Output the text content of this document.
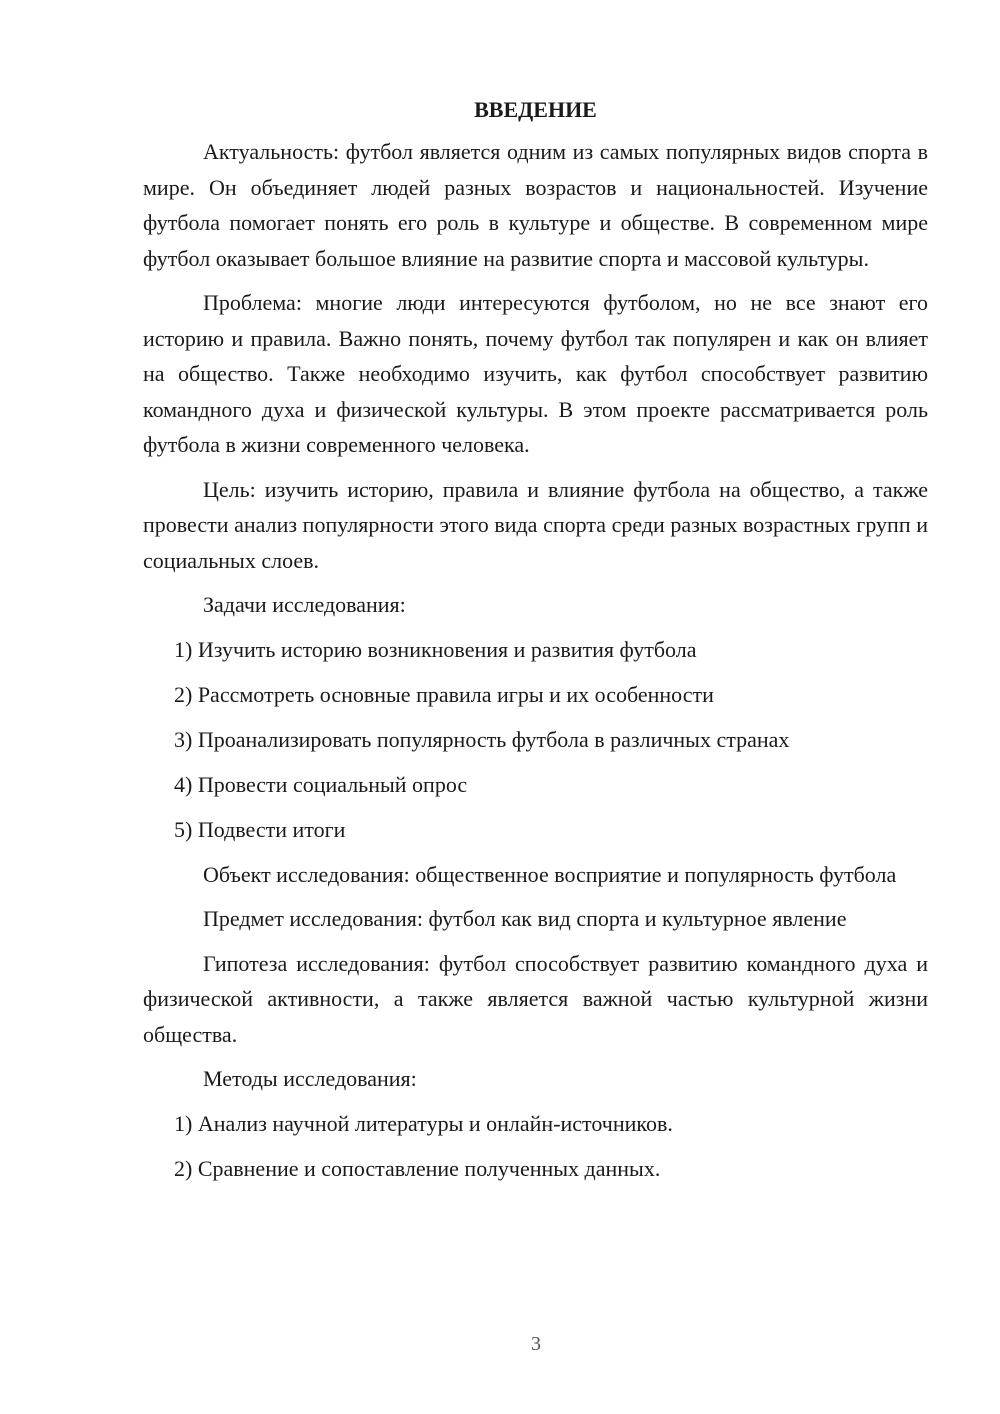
ВВЕДЕНИЕ

Актуальность: футбол является одним из самых популярных видов спорта в мире. Он объединяет людей разных возрастов и национальностей. Изучение футбола помогает понять его роль в культуре и обществе. В современном мире футбол оказывает большое влияние на развитие спорта и массовой культуры.

Проблема: многие люди интересуются футболом, но не все знают его историю и правила. Важно понять, почему футбол так популярен и как он влияет на общество. Также необходимо изучить, как футбол способствует развитию командного духа и физической культуры. В этом проекте рассматривается роль футбола в жизни современного человека.

Цель: изучить историю, правила и влияние футбола на общество, а также провести анализ популярности этого вида спорта среди разных возрастных групп и социальных слоев.

Задачи исследования:

1) Изучить историю возникновения и развития футбола
2) Рассмотреть основные правила игры и их особенности
3) Проанализировать популярность футбола в различных странах
4) Провести социальный опрос
5) Подвести итоги

Объект исследования: общественное восприятие и популярность футбола

Предмет исследования: футбол как вид спорта и культурное явление

Гипотеза исследования: футбол способствует развитию командного духа и физической активности, а также является важной частью культурной жизни общества.

Методы исследования:

1) Анализ научной литературы и онлайн-источников.
2) Сравнение и сопоставление полученных данных.
3
